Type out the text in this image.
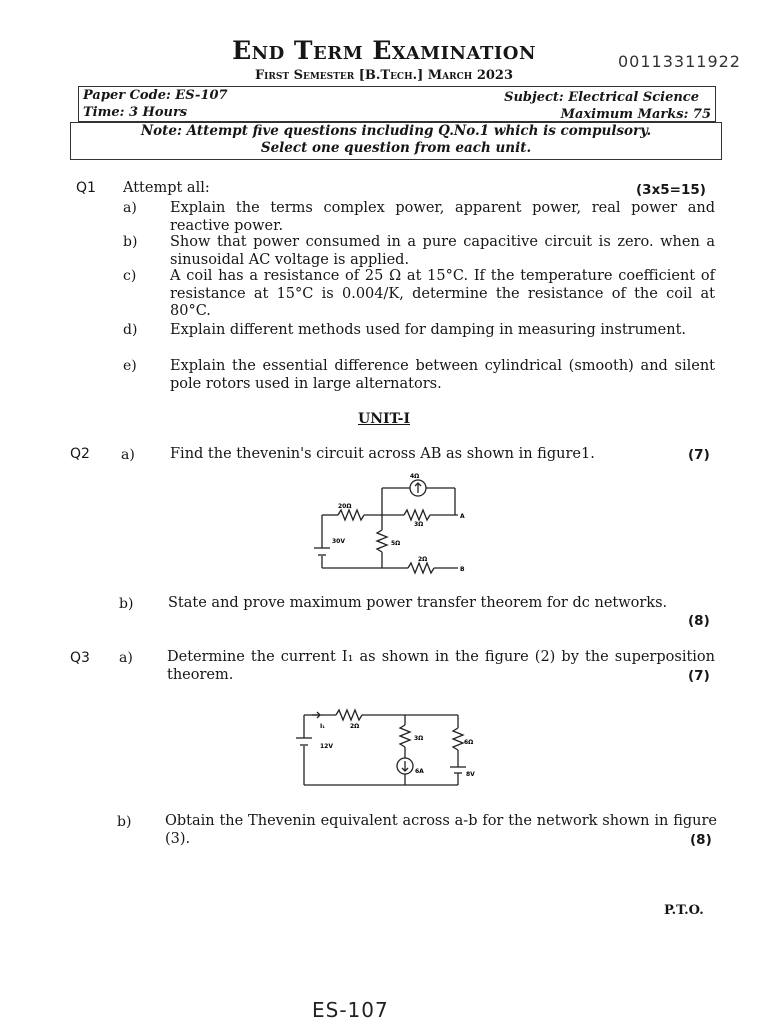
End Term Examination	00113311922
First Semester [B.Tech.] March 2023
Paper Code: ES-107	Subject: Electrical Science
Time: 3 Hours	Maximum Marks: 75
Note: Attempt five questions including Q.No.1 which is compulsory.
Select one question from each unit.
Q1 Attempt all:	(3x5=15)
a) Explain the terms complex power, apparent power, real power and reactive power.
b) Show that power consumed in a pure capacitive circuit is zero. when a sinusoidal AC voltage is applied.
c) A coil has a resistance of 25 Ω at 15°C. If the temperature coefficient of resistance at 15°C is 0.004/K, determine the resistance of the coil at 80°C.
d) Explain different methods used for damping in measuring instrument.
e) Explain the essential difference between cylindrical (smooth) and silent pole rotors used in large alternators.
UNIT-I
Q2 a) Find the thevenin's circuit across AB as shown in figure1.	(7)
4Ω
20Ω
3Ω
5Ω
2Ω
30V
A
B
b) State and prove maximum power transfer theorem for dc networks.
(8)
Q3 a) Determine the current I₁ as shown in the figure (2) by the superposition theorem.	(7)
I₁	2Ω
3Ω
6Ω
12V
6A	8V
b) Obtain the Thevenin equivalent across a-b for the network shown in figure (3).	(8)
P.T.O.
ES-107
